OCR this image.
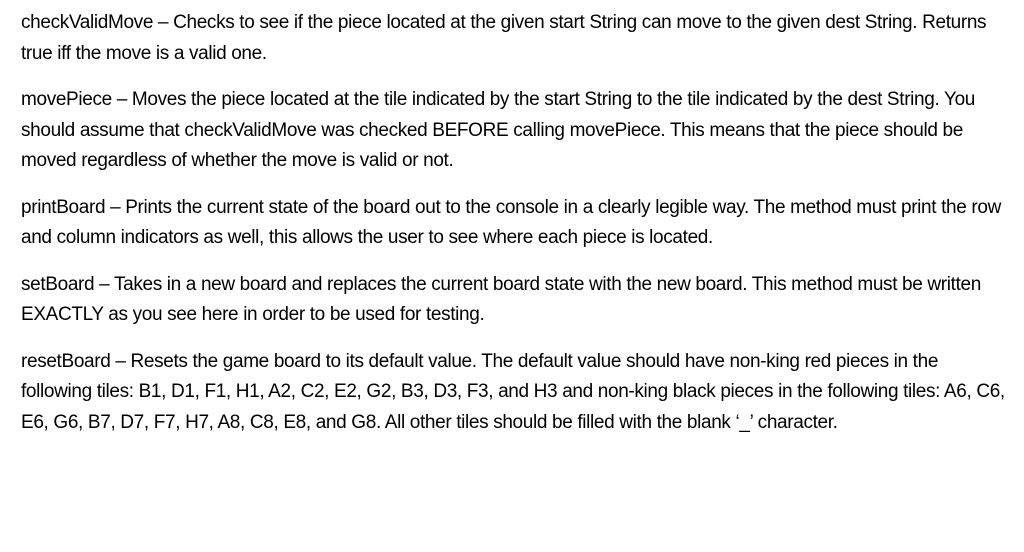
checkValidMove – Checks to see if the piece located at the given start String can move to the given dest String. Returns true iff the move is a valid one.

movePiece – Moves the piece located at the tile indicated by the start String to the tile indicated by the dest String. You should assume that checkValidMove was checked BEFORE calling movePiece. This means that the piece should be moved regardless of whether the move is valid or not.

printBoard – Prints the current state of the board out to the console in a clearly legible way. The method must print the row and column indicators as well, this allows the user to see where each piece is located.

setBoard – Takes in a new board and replaces the current board state with the new board. This method must be written EXACTLY as you see here in order to be used for testing.

resetBoard – Resets the game board to its default value. The default value should have non-king red pieces in the following tiles: B1, D1, F1, H1, A2, C2, E2, G2, B3, D3, F3, and H3 and non-king black pieces in the following tiles: A6, C6, E6, G6, B7, D7, F7, H7, A8, C8, E8, and G8. All other tiles should be filled with the blank ‘_’ character.
